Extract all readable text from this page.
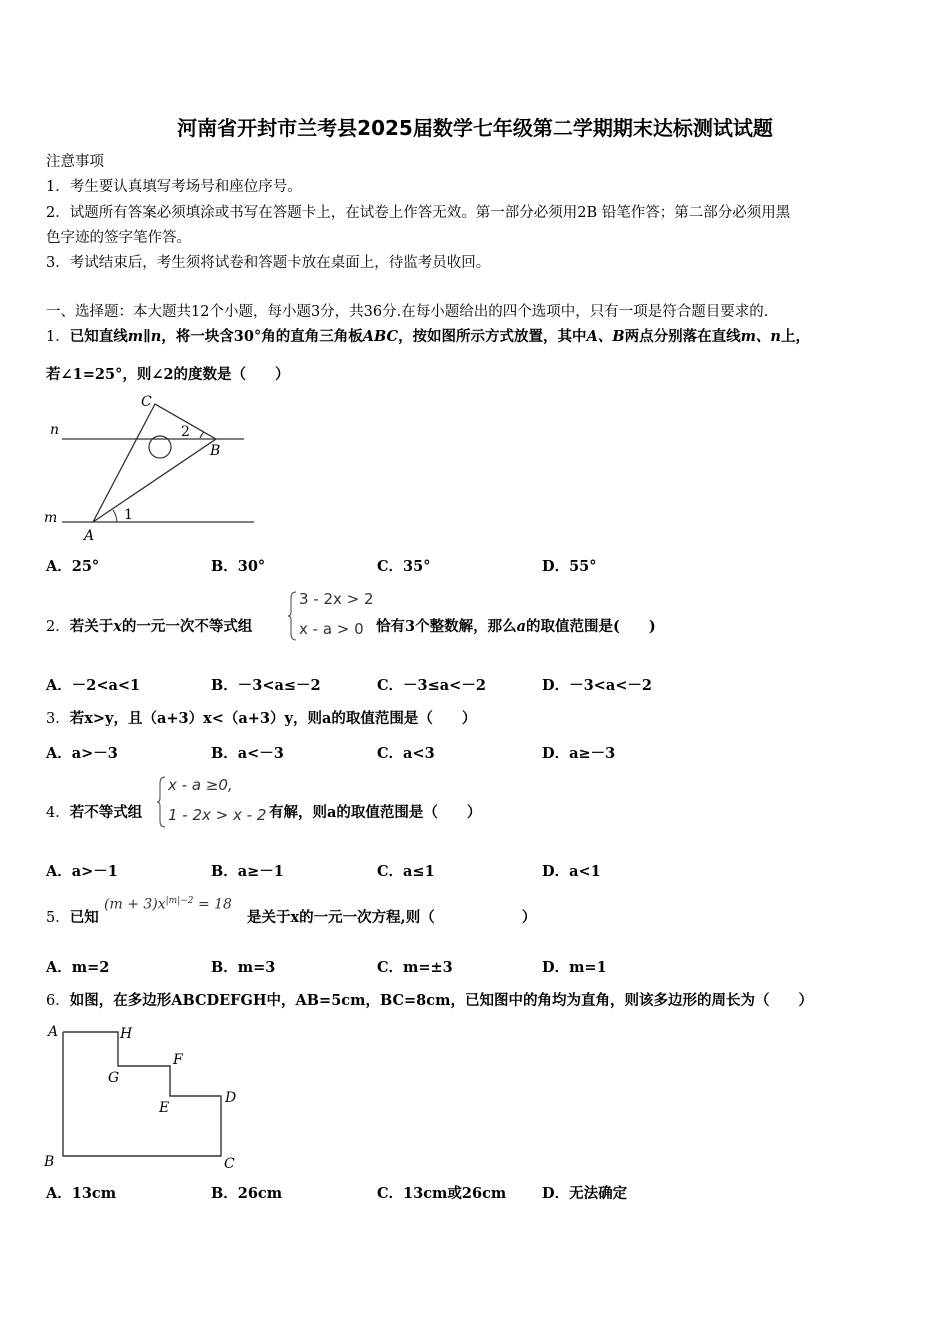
河南省开封市兰考县2025届数学七年级第二学期期末达标测试试题
注意事项
1．考生要认真填写考场号和座位序号。
2．试题所有答案必须填涂或书写在答题卡上，在试卷上作答无效。第一部分必须用2B 铅笔作答；第二部分必须用黑
色字迹的签字笔作答。
3．考试结束后，考生须将试卷和答题卡放在桌面上，待监考员收回。
一、选择题：本大题共12个小题，每小题3分，共36分.在每小题给出的四个选项中，只有一项是符合题目要求的.
1．已知直线m∥n，将一块含30°角的直角三角板ABC，按如图所示方式放置，其中A、B两点分别落在直线m、n上，
若∠1=25°，则∠2的度数是（　　）
C
B
A
n
m	1
2
A．25°	B．30°	C．35°	D．55°
2．若关于x的一元一次不等式组
3 - 2x > 2
x - a > 0 恰有3个整数解，那么a的取值范围是(　　)
A．－2<a<1	B．－3<a≤－2	C．－3≤a<－2	D．－3<a<－2
3．若x>y，且（a+3）x<（a+3）y，则a的取值范围是（　　）
A．a>－3	B．a<－3	C．a<3	D．a≥－3
4．若不等式组
x - a ≥0,
1 - 2x > x - 2 有解，则a的取值范围是（　　）
A．a>－1	B．a≥－1	C．a≤1	D．a<1
5．已知
$(m + 3)x^{|m|-2} = 18$
是关于x的一元一次方程,则（　　　　　　）
A．m=2	B．m=3	C．m=±3	D．m=1
6．如图，在多边形ABCDEFGH中，AB=5cm，BC=8cm，已知图中的角均为直角，则该多边形的周长为（　　）
A	H
G
F
E
D
B	C
A．13cm	B．26cm	C．13cm或26cm D．无法确定
